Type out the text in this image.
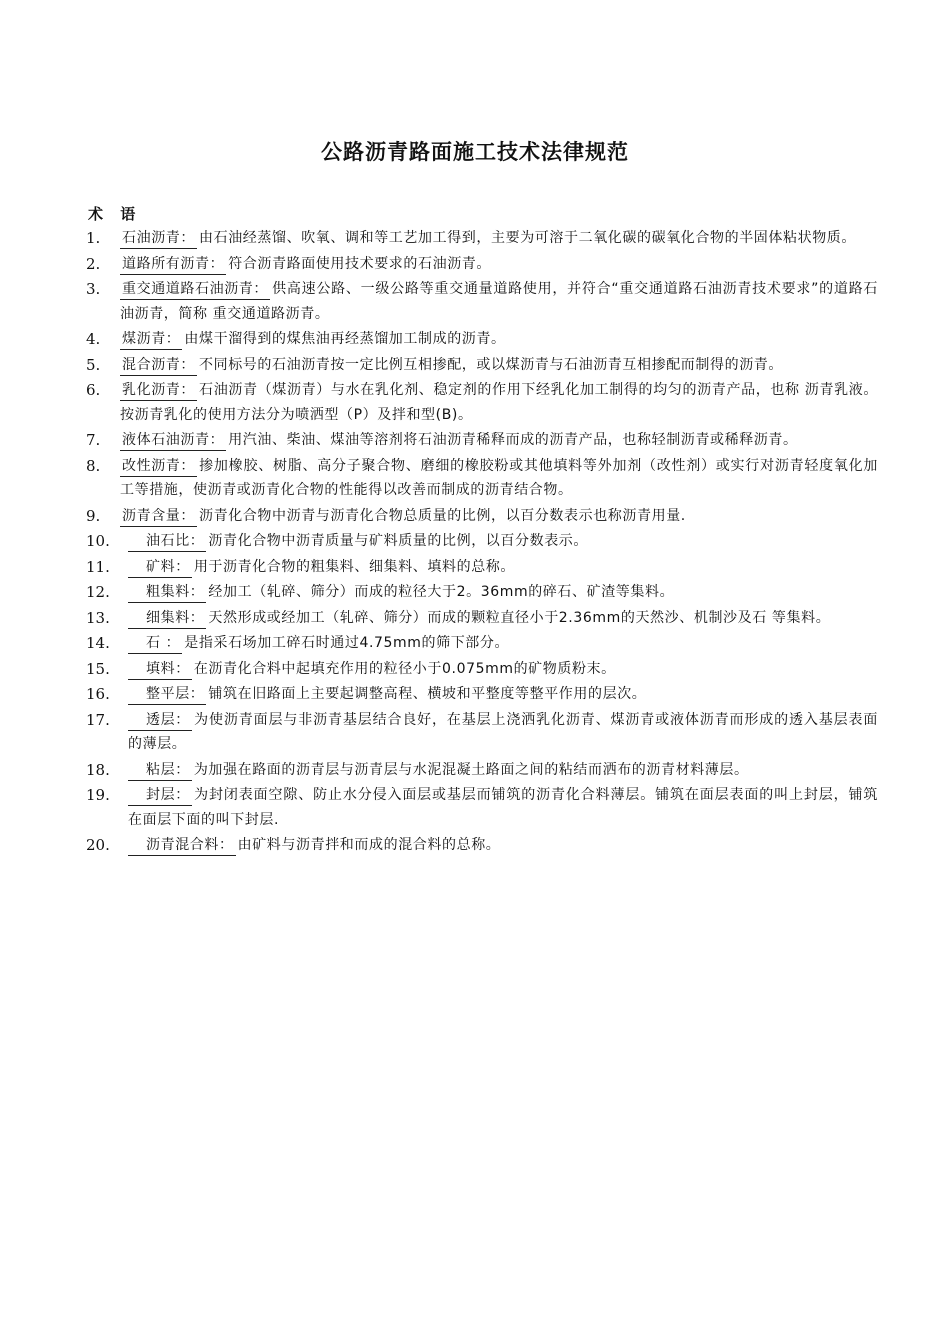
公路沥青路面施工技术法律规范
术 语
1.	石油沥青： 由石油经蒸馏、吹氧、调和等工艺加工得到，主要为可溶于二氧化碳的碳氧化合物的半固体粘状物质。
2.	道路所有沥青： 符合沥青路面使用技术要求的石油沥青。
3.	重交通道路石油沥青： 供高速公路、一级公路等重交通量道路使用，并符合“重交通道路石油沥青技术要求”的道路石油沥青，简称 重交通道路沥青。
4.	煤沥青： 由煤干溜得到的煤焦油再经蒸馏加工制成的沥青。
5.	混合沥青： 不同标号的石油沥青按一定比例互相掺配，或以煤沥青与石油沥青互相掺配而制得的沥青。
6.	乳化沥青： 石油沥青（煤沥青）与水在乳化剂、稳定剂的作用下经乳化加工制得的均匀的沥青产品，也称 沥青乳液。按沥青乳化的使用方法分为喷洒型（P）及拌和型(B)。
7.	液体石油沥青： 用汽油、柴油、煤油等溶剂将石油沥青稀释而成的沥青产品，也称轻制沥青或稀释沥青。
8.	改性沥青： 掺加橡胶、树脂、高分子聚合物、磨细的橡胶粉或其他填料等外加剂（改性剂）或实行对沥青轻度氧化加工等措施，使沥青或沥青化合物的性能得以改善而制成的沥青结合物。
9.	沥青含量： 沥青化合物中沥青与沥青化合物总质量的比例，以百分数表示也称沥青用量.
10.	油石比： 沥青化合物中沥青质量与矿料质量的比例，以百分数表示。
11.	矿料： 用于沥青化合物的粗集料、细集料、填料的总称。
12.	粗集料： 经加工（轧碎、筛分）而成的粒径大于2。36mm的碎石、矿渣等集料。
13.	细集料： 天然形成或经加工（轧碎、筛分）而成的颗粒直径小于2.36mm的天然沙、机制沙及石 等集料。
14.	石 ： 是指采石场加工碎石时通过4.75mm的筛下部分。
15.	填料： 在沥青化合料中起填充作用的粒径小于0.075mm的矿物质粉末。
16.	整平层： 铺筑在旧路面上主要起调整高程、横坡和平整度等整平作用的层次。
17.	透层： 为使沥青面层与非沥青基层结合良好，在基层上浇洒乳化沥青、煤沥青或液体沥青而形成的透入基层表面的薄层。
18.	粘层： 为加强在路面的沥青层与沥青层与水泥混凝土路面之间的粘结而洒布的沥青材料薄层。
19.	封层： 为封闭表面空隙、防止水分侵入面层或基层而铺筑的沥青化合料薄层。铺筑在面层表面的叫上封层，铺筑在面层下面的叫下封层.
20.	沥青混合料： 由矿料与沥青拌和而成的混合料的总称。
